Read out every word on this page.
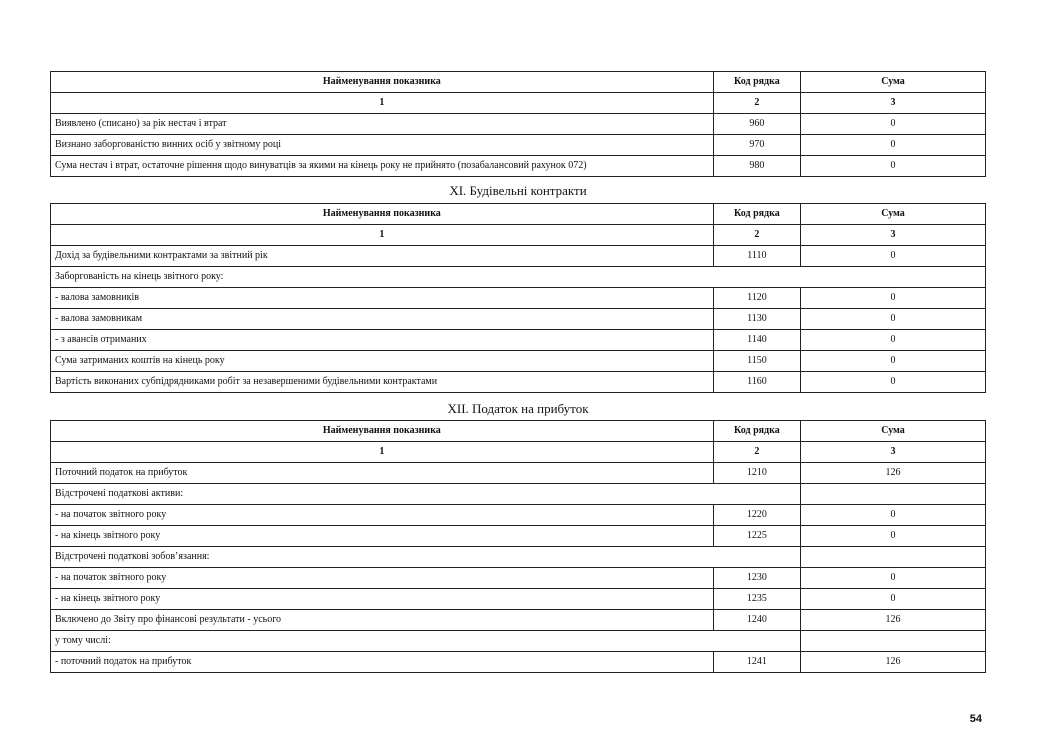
Найменування показника	Код рядка	Сума
1	2	3
Виявлено (списано) за рік нестач і втрат	960	0
Визнано заборгованістю винних осіб у звітному році	970	0
Сума нестач і втрат, остаточне рішення щодо винуватців за якими на кінець року не прийнято (позабалансовий рахунок 072)	980	0
XI. Будівельні контракти
Найменування показника	Код рядка	Сума
1	2	3
Дохід за будівельними контрактами за звітний рік	1110	0
Заборгованість на кінець звітного року:		
- валова замовників	1120	0
- валова замовникам	1130	0
- з авансів отриманих	1140	0
Сума затриманих коштів на кінець року	1150	0
Вартість виконаних субпідрядниками робіт за незавершеними будівельними контрактами	1160	0
XII. Податок на прибуток
Найменування показника	Код рядка	Сума
1	2	3
Поточний податок на прибуток	1210	126
Відстрочені податкові активи:		
- на початок звітного року	1220	0
- на кінець звітного року	1225	0
Відстрочені податкові зобов’язання:		
- на початок звітного року	1230	0
- на кінець звітного року	1235	0
Включено до Звіту про фінансові результати - усього	1240	126
у тому числі:		
- поточний податок на прибуток	1241	126
54
